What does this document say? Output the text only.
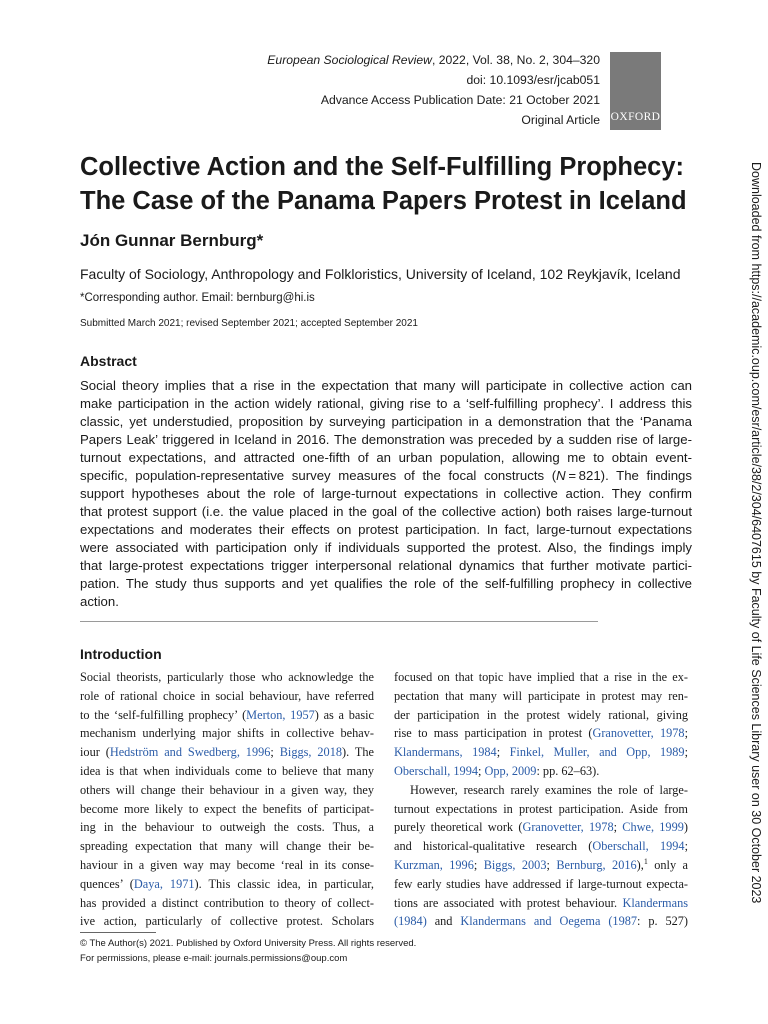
European Sociological Review, 2022, Vol. 38, No. 2, 304–320
doi: 10.1093/esr/jcab051
Advance Access Publication Date: 21 October 2021
Original Article OXFORD
Collective Action and the Self-Fulfilling Prophecy:
The Case of the Panama Papers Protest in Iceland
Jón Gunnar Bernburg*
Faculty of Sociology, Anthropology and Folkloristics, University of Iceland, 102 Reykjavík, Iceland
*Corresponding author. Email: bernburg@hi.is
Submitted March 2021; revised September 2021; accepted September 2021
Abstract
Social theory implies that a rise in the expectation that many will participate in collective action can
make participation in the action widely rational, giving rise to a ‘self-fulfilling prophecy’. I address this
classic, yet understudied, proposition by surveying participation in a demonstration that the ‘Panama
Papers Leak’ triggered in Iceland in 2016. The demonstration was preceded by a sudden rise of large-
turnout expectations, and attracted one-fifth of an urban population, allowing me to obtain event-
specific, population-representative survey measures of the focal constructs (N = 821). The findings
support hypotheses about the role of large-turnout expectations in collective action. They confirm
that protest support (i.e. the value placed in the goal of the collective action) both raises large-turnout
expectations and moderates their effects on protest participation. In fact, large-turnout expectations
were associated with participation only if individuals supported the protest. Also, the findings imply
that large-protest expectations trigger interpersonal relational dynamics that further motivate partici-
pation. The study thus supports and yet qualifies the role of the self-fulfilling prophecy in collective
action.
Introduction
Social theorists, particularly those who acknowledge the
role of rational choice in social behaviour, have referred
to the ‘self-fulfilling prophecy’ (Merton, 1957) as a basic
mechanism underlying major shifts in collective behav-
iour (Hedström and Swedberg, 1996; Biggs, 2018). The
idea is that when individuals come to believe that many
others will change their behaviour in a given way, they
become more likely to expect the benefits of participat-
ing in the behaviour to outweigh the costs. Thus, a
spreading expectation that many will change their be-
haviour in a given way may become ‘real in its conse-
quences’ (Daya, 1971). This classic idea, in particular,
has provided a distinct contribution to theory of collect-
ive action, particularly of collective protest. Scholars
focused on that topic have implied that a rise in the ex-
pectation that many will participate in protest may ren-
der participation in the protest widely rational, giving
rise to mass participation in protest (Granovetter, 1978;
Klandermans, 1984; Finkel, Muller, and Opp, 1989;
Oberschall, 1994; Opp, 2009: pp. 62–63).
However, research rarely examines the role of large-
turnout expectations in protest participation. Aside from
purely theoretical work (Granovetter, 1978; Chwe, 1999)
and historical-qualitative research (Oberschall, 1994;
Kurzman, 1996; Biggs, 2003; Bernburg, 2016),$^1$ only a
few early studies have addressed if large-turnout expecta-
tions are associated with protest behaviour. Klandermans
(1984) and Klandermans and Oegema (1987: p. 527)
© The Author(s) 2021. Published by Oxford University Press. All rights reserved.
For permissions, please e-mail: journals.permissions@oup.com
Downloaded from https://academic.oup.com/esr/article/38/2/304/6407615 by Faculty of Life Sciences Library user on 30 October 2023
